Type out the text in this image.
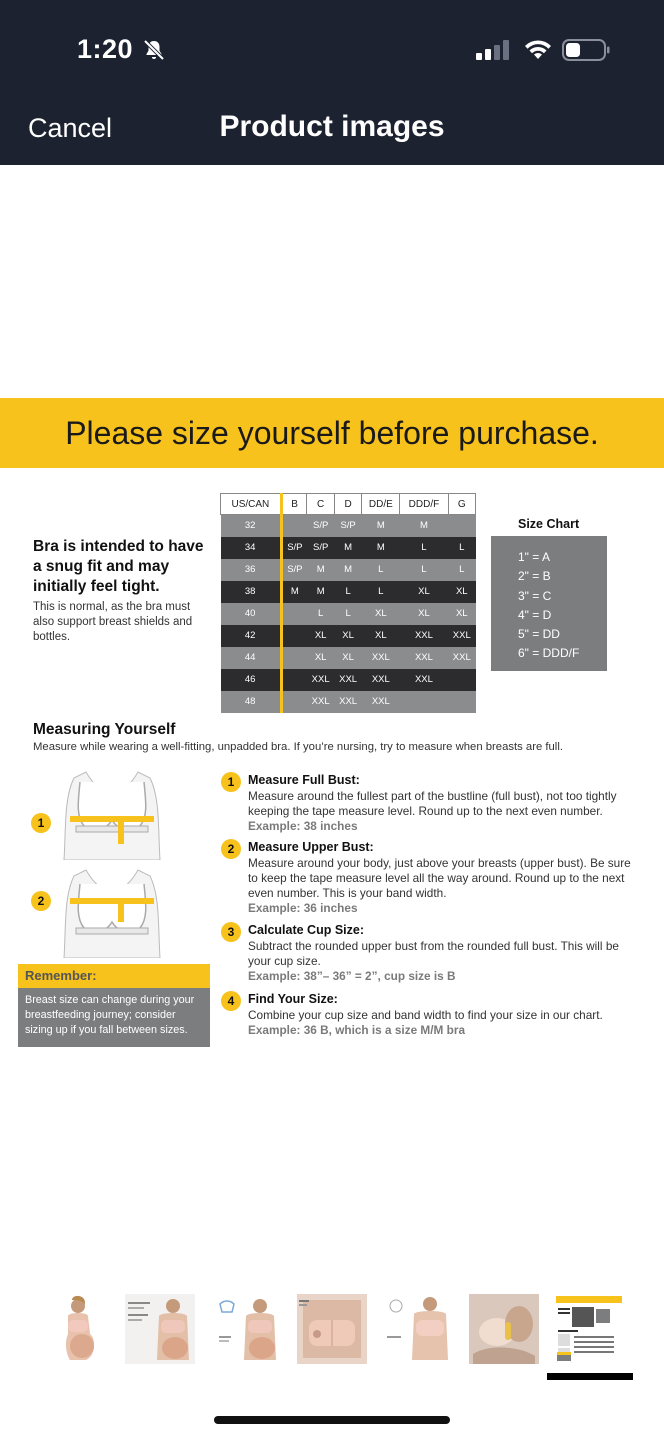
1:20
Cancel	Product images
Please size yourself before purchase.
Bra is intended to have a snug fit and may initially feel tight.
This is normal, as the bra must also support breast shields and bottles.
US/CAN	B	C	D	DD/E	DDD/F	G
32		S/P	S/P	M	M	
34	S/P	S/P	M	M	L	L
36	S/P	M	M	L	L	L
38	M	M	L	L	XL	XL
40		L	L	XL	XL	XL
42		XL	XL	XL	XXL	XXL
44		XL	XL	XXL	XXL	XXL
46		XXL	XXL	XXL	XXL	
48		XXL	XXL	XXL		
Size Chart
1" = A
2" = B
3" = C
4" = D
5" = DD
6" = DDD/F
Measuring Yourself
Measure while wearing a well-fitting, unpadded bra. If you’re nursing, try to measure when breasts are full.
1
2
1	Measure Full Bust:
Measure around the fullest part of the bustline (full bust), not too tightly keeping the tape measure level. Round up to the next even number.
Example: 38 inches
2	Measure Upper Bust:
Measure around your body, just above your breasts (upper bust). Be sure to keep the tape measure level all the way around. Round up to the next even number. This is your band width.
Example: 36 inches
3	Calculate Cup Size:
Subtract the rounded upper bust from the rounded full bust. This will be your cup size.
Example: 38”– 36” = 2”, cup size is B
4	Find Your Size:
Combine your cup size and band width to find your size in our chart.
Example: 36 B, which is a size M/M bra
Remember:
Breast size can change during your breastfeeding journey; consider sizing up if you fall between sizes.
